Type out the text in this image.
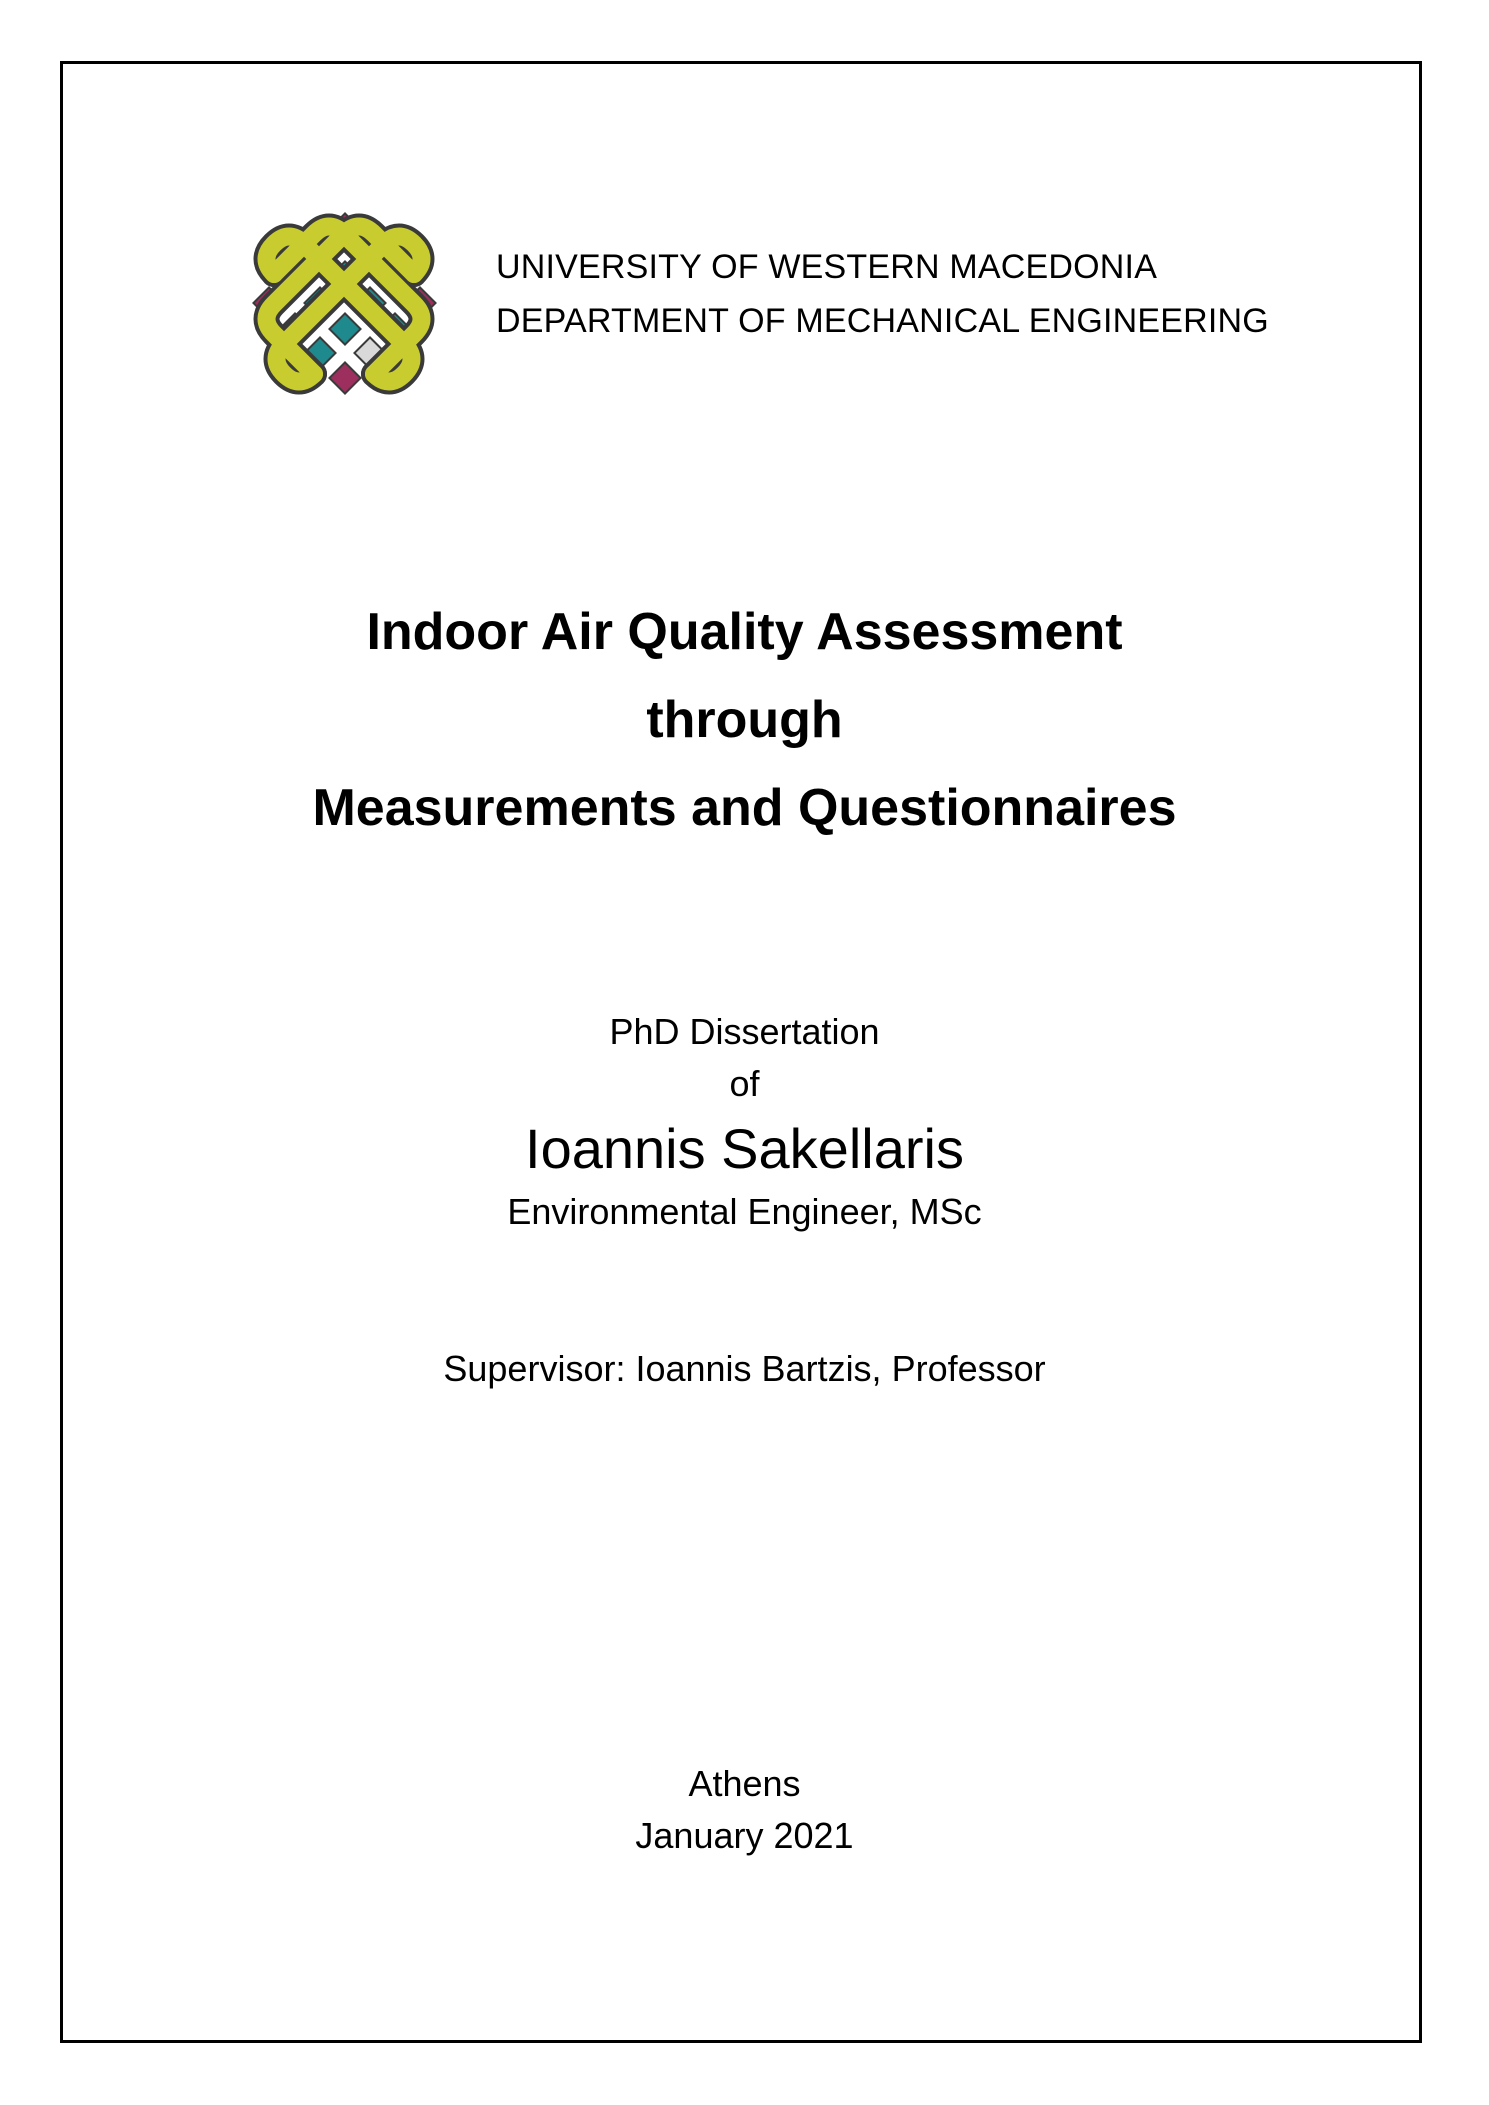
UNIVERSITY OF WESTERN MACEDONIA
DEPARTMENT OF MECHANICAL ENGINEERING
Indoor Air Quality Assessment
through
Measurements and Questionnaires
PhD Dissertation
of
Ioannis Sakellaris
Environmental Engineer, MSc
Supervisor: Ioannis Bartzis, Professor
Athens
January 2021
